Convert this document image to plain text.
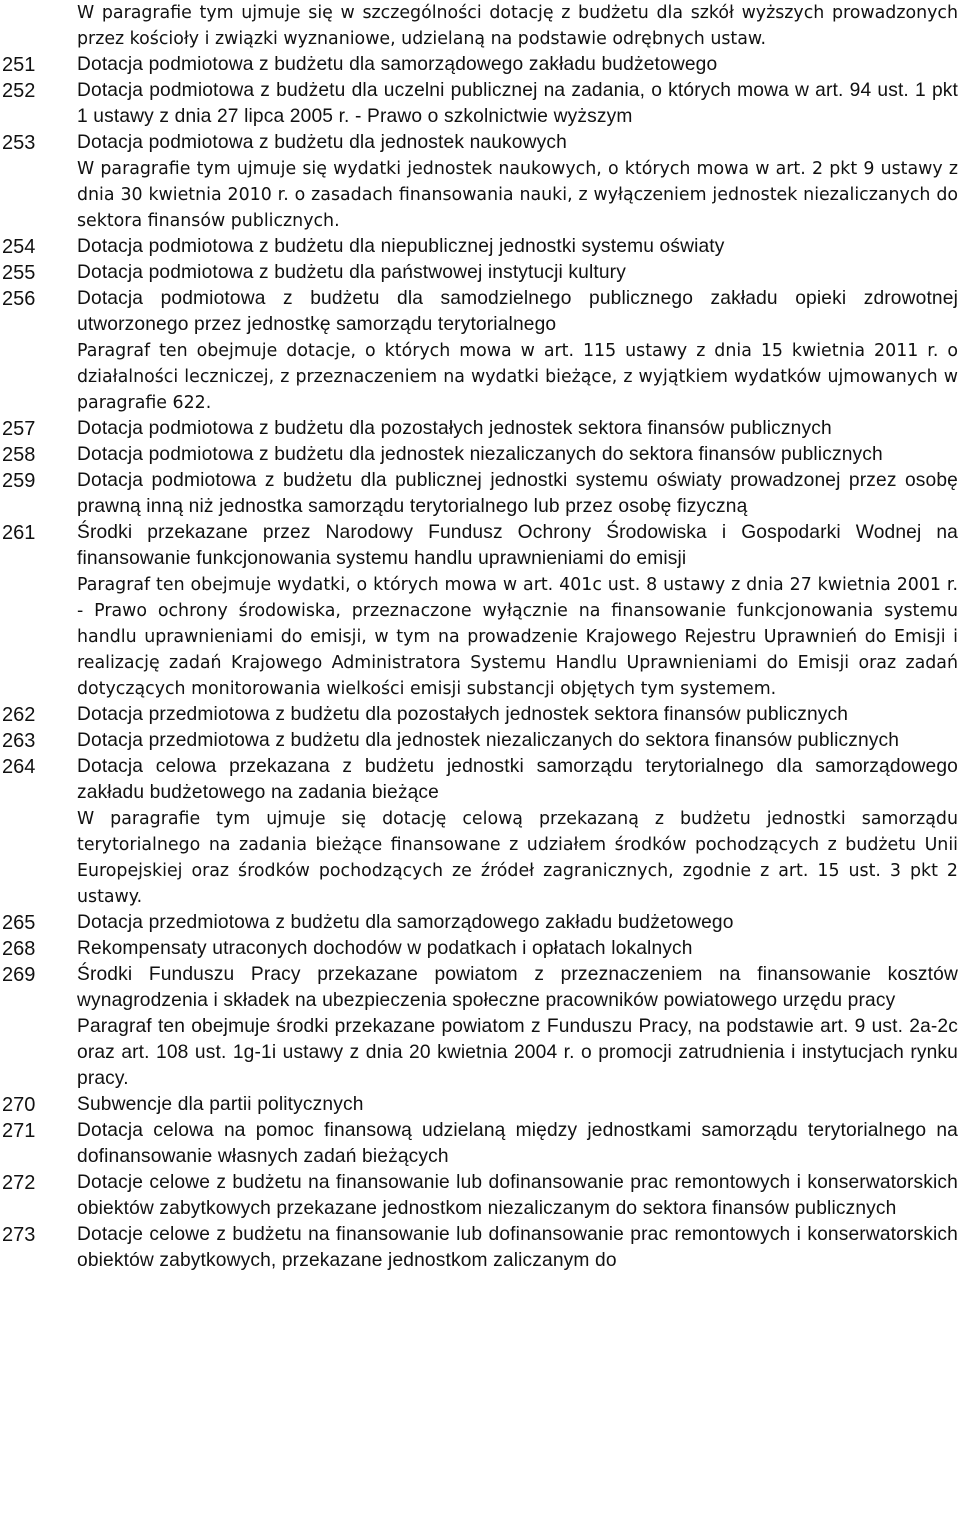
W paragrafie tym ujmuje się w szczególności dotację z budżetu dla szkół wyższych prowadzonych przez kościoły i związki wyznaniowe, udzielaną na podstawie odrębnych ustaw.

251	Dotacja podmiotowa z budżetu dla samorządowego zakładu budżetowego

252	Dotacja podmiotowa z budżetu dla uczelni publicznej na zadania, o których mowa w art. 94 ust. 1 pkt 1 ustawy z dnia 27 lipca 2005 r. - Prawo o szkolnictwie wyższym

253	Dotacja podmiotowa z budżetu dla jednostek naukowych

W paragrafie tym ujmuje się wydatki jednostek naukowych, o których mowa w art. 2 pkt 9 ustawy z dnia 30 kwietnia 2010 r. o zasadach finansowania nauki, z wyłączeniem jednostek niezaliczanych do sektora finansów publicznych.

254	Dotacja podmiotowa z budżetu dla niepublicznej jednostki systemu oświaty

255	Dotacja podmiotowa z budżetu dla państwowej instytucji kultury

256	Dotacja podmiotowa z budżetu dla samodzielnego publicznego zakładu opieki zdrowotnej utworzonego przez jednostkę samorządu terytorialnego

Paragraf ten obejmuje dotacje, o których mowa w art. 115 ustawy z dnia 15 kwietnia 2011 r. o działalności leczniczej, z przeznaczeniem na wydatki bieżące, z wyjątkiem wydatków ujmowanych w paragrafie 622.

257	Dotacja podmiotowa z budżetu dla pozostałych jednostek sektora finansów publicznych

258	Dotacja podmiotowa z budżetu dla jednostek niezaliczanych do sektora finansów publicznych

259	Dotacja podmiotowa z budżetu dla publicznej jednostki systemu oświaty prowadzonej przez osobę prawną inną niż jednostka samorządu terytorialnego lub przez osobę fizyczną

261	Środki przekazane przez Narodowy Fundusz Ochrony Środowiska i Gospodarki Wodnej na finansowanie funkcjonowania systemu handlu uprawnieniami do emisji

Paragraf ten obejmuje wydatki, o których mowa w art. 401c ust. 8 ustawy z dnia 27 kwietnia 2001 r. - Prawo ochrony środowiska, przeznaczone wyłącznie na finansowanie funkcjonowania systemu handlu uprawnieniami do emisji, w tym na prowadzenie Krajowego Rejestru Uprawnień do Emisji i realizację zadań Krajowego Administratora Systemu Handlu Uprawnieniami do Emisji oraz zadań dotyczących monitorowania wielkości emisji substancji objętych tym systemem.

262	Dotacja przedmiotowa z budżetu dla pozostałych jednostek sektora finansów publicznych

263	Dotacja przedmiotowa z budżetu dla jednostek niezaliczanych do sektora finansów publicznych

264	Dotacja celowa przekazana z budżetu jednostki samorządu terytorialnego dla samorządowego zakładu budżetowego na zadania bieżące

W paragrafie tym ujmuje się dotację celową przekazaną z budżetu jednostki samorządu terytorialnego na zadania bieżące finansowane z udziałem środków pochodzących z budżetu Unii Europejskiej oraz środków pochodzących ze źródeł zagranicznych, zgodnie z art. 15 ust. 3 pkt 2 ustawy.

265	Dotacja przedmiotowa z budżetu dla samorządowego zakładu budżetowego

268	Rekompensaty utraconych dochodów w podatkach i opłatach lokalnych

269	Środki Funduszu Pracy przekazane powiatom z przeznaczeniem na finansowanie kosztów wynagrodzenia i składek na ubezpieczenia społeczne pracowników powiatowego urzędu pracy

Paragraf ten obejmuje środki przekazane powiatom z Funduszu Pracy, na podstawie art. 9 ust. 2a-2c oraz art. 108 ust. 1g-1i ustawy z dnia 20 kwietnia 2004 r. o promocji zatrudnienia i instytucjach rynku pracy.

270	Subwencje dla partii politycznych

271	Dotacja celowa na pomoc finansową udzielaną między jednostkami samorządu terytorialnego na dofinansowanie własnych zadań bieżących

272	Dotacje celowe z budżetu na finansowanie lub dofinansowanie prac remontowych i konserwatorskich obiektów zabytkowych przekazane jednostkom niezaliczanym do sektora finansów publicznych

273	Dotacje celowe z budżetu na finansowanie lub dofinansowanie prac remontowych i konserwatorskich obiektów zabytkowych, przekazane jednostkom zaliczanym do
